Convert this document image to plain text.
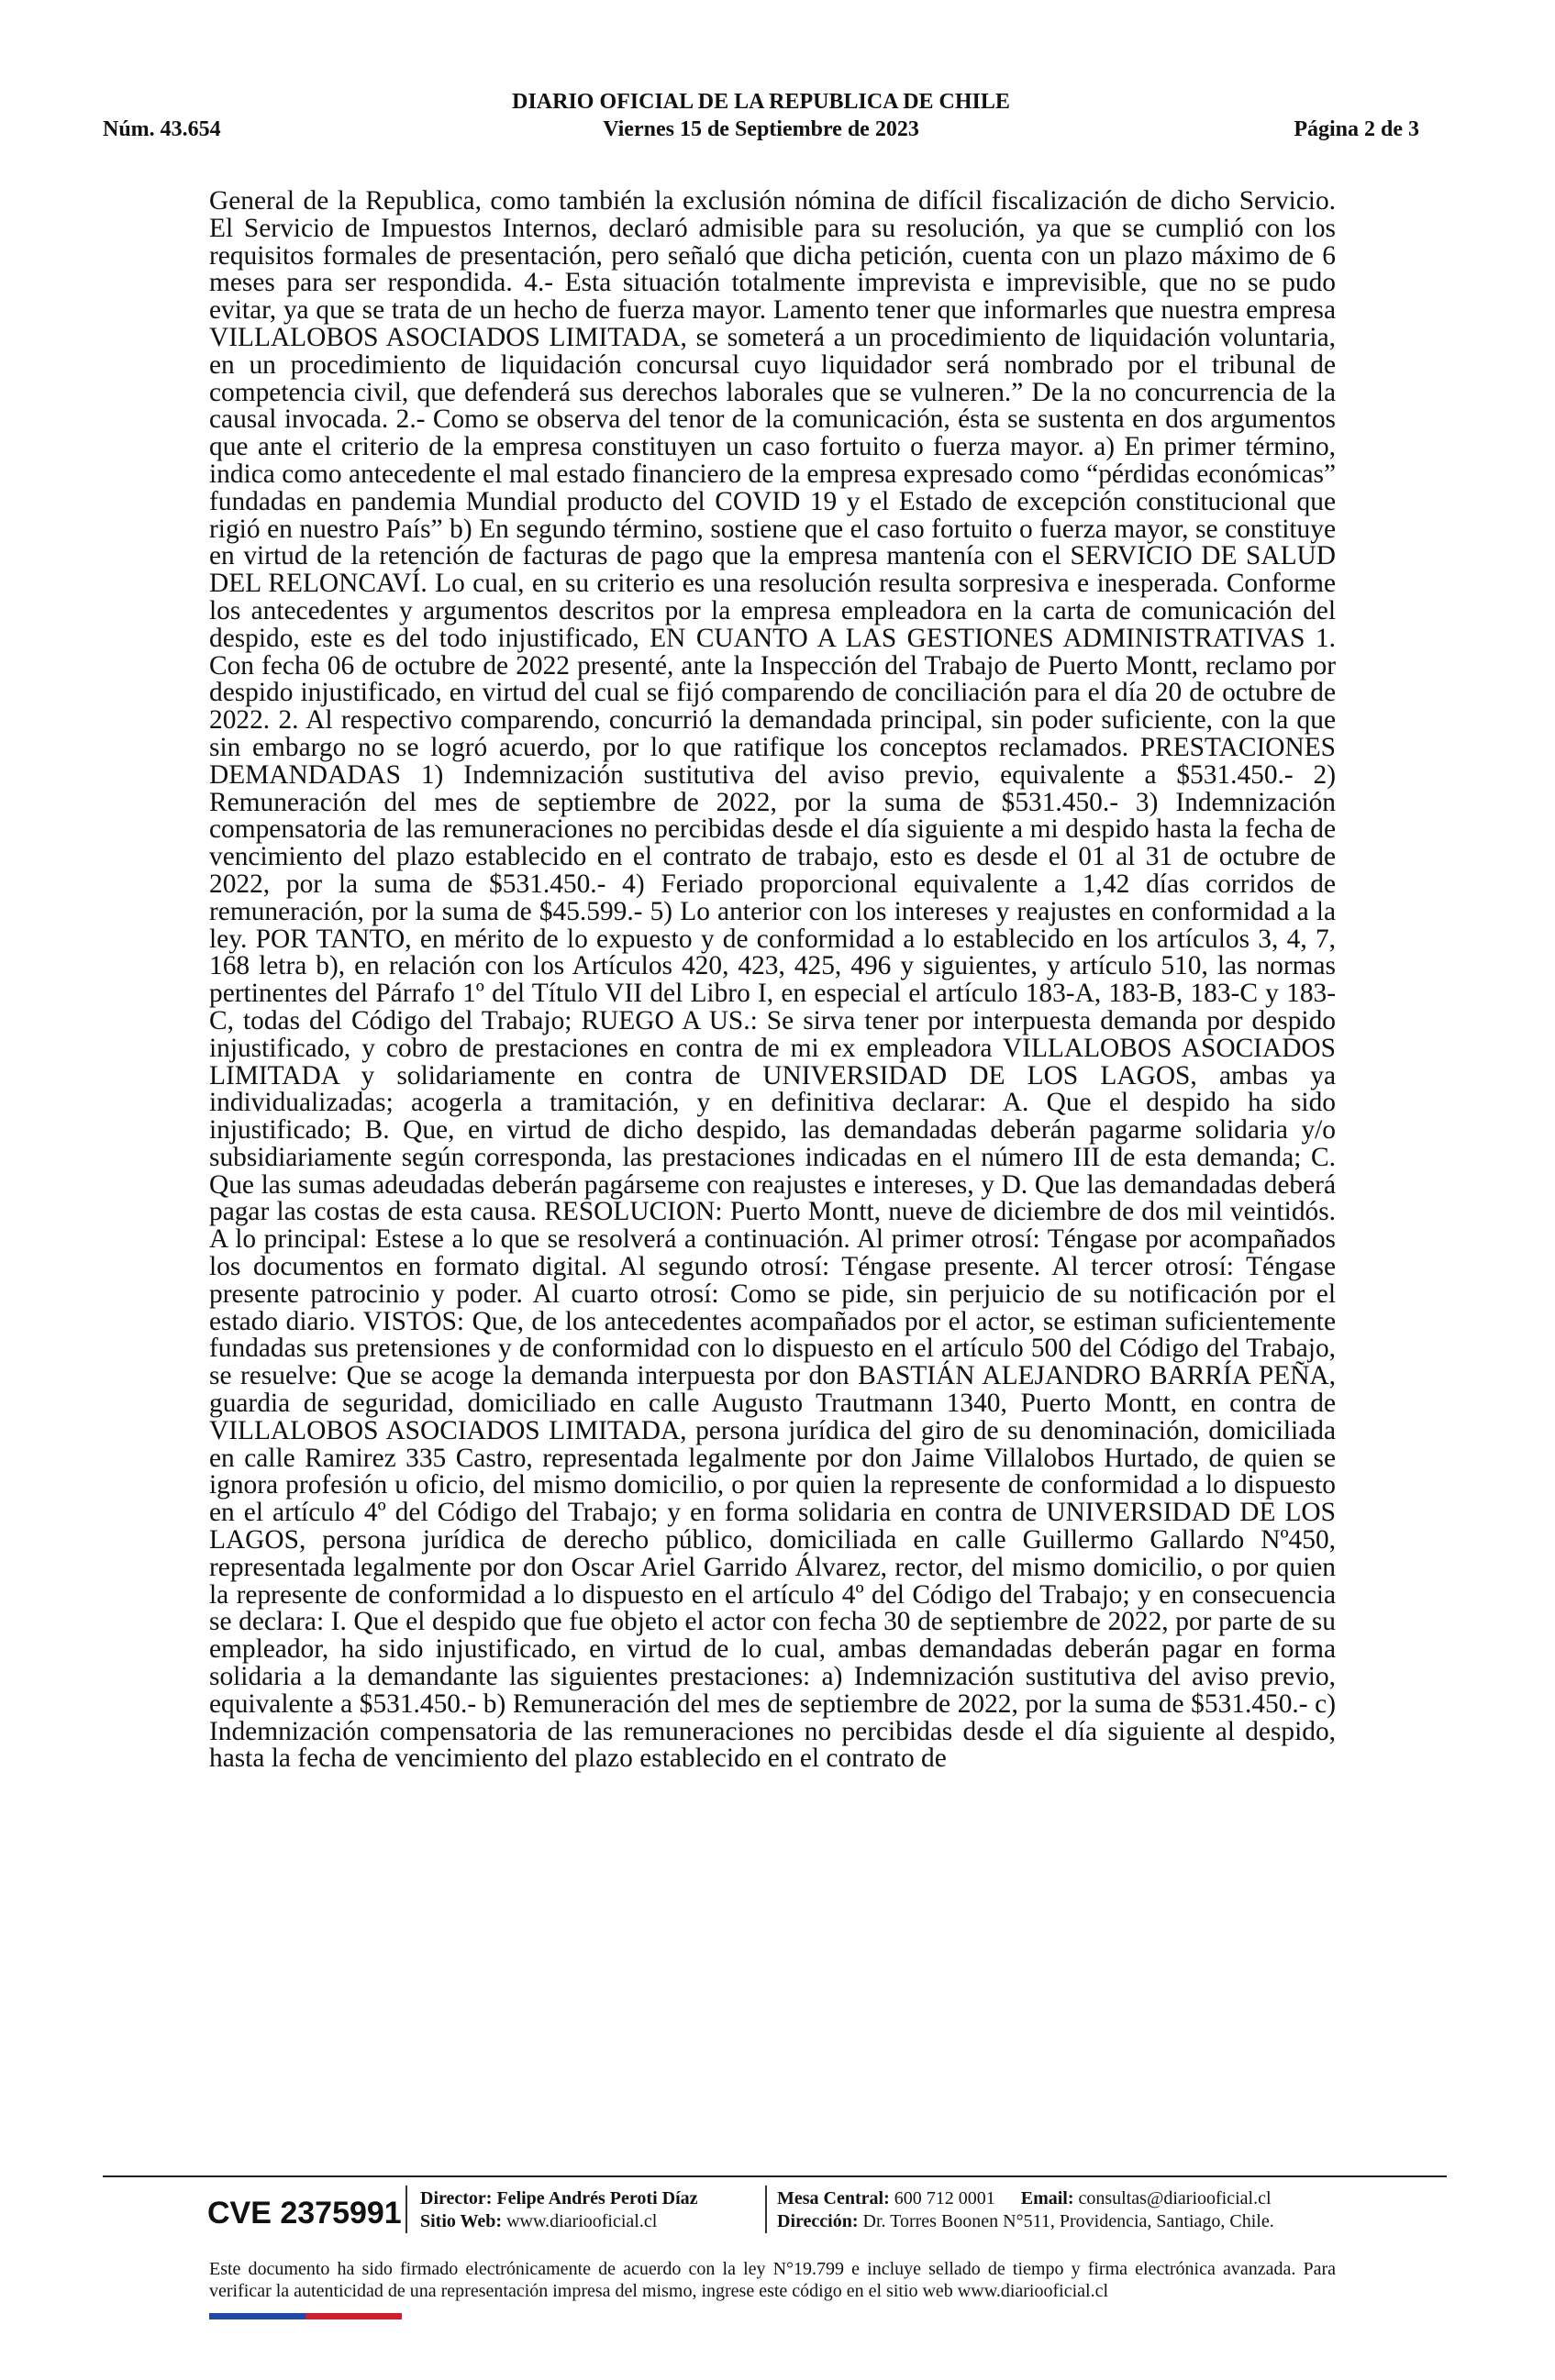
DIARIO OFICIAL DE LA REPUBLICA DE CHILE
Viernes 15 de Septiembre de 2023
Núm. 43.654	Página 2 de 3
General de la Republica, como también la exclusión nómina de difícil fiscalización de dicho Servicio. El Servicio de Impuestos Internos, declaró admisible para su resolución, ya que se cumplió con los requisitos formales de presentación, pero señaló que dicha petición, cuenta con un plazo máximo de 6 meses para ser respondida. 4.- Esta situación totalmente imprevista e imprevisible, que no se pudo evitar, ya que se trata de un hecho de fuerza mayor. Lamento tener que informarles que nuestra empresa VILLALOBOS ASOCIADOS LIMITADA, se someterá a un procedimiento de liquidación voluntaria, en un procedimiento de liquidación concursal cuyo liquidador será nombrado por el tribunal de competencia civil, que defenderá sus derechos laborales que se vulneren.” De la no concurrencia de la causal invocada. 2.- Como se observa del tenor de la comunicación, ésta se sustenta en dos argumentos que ante el criterio de la empresa constituyen un caso fortuito o fuerza mayor. a) En primer término, indica como antecedente el mal estado financiero de la empresa expresado como “pérdidas económicas” fundadas en pandemia Mundial producto del COVID 19 y el Estado de excepción constitucional que rigió en nuestro País” b) En segundo término, sostiene que el caso fortuito o fuerza mayor, se constituye en virtud de la retención de facturas de pago que la empresa mantenía con el SERVICIO DE SALUD DEL RELONCAVÍ. Lo cual, en su criterio es una resolución resulta sorpresiva e inesperada. Conforme los antecedentes y argumentos descritos por la empresa empleadora en la carta de comunicación del despido, este es del todo injustificado, EN CUANTO A LAS GESTIONES ADMINISTRATIVAS 1. Con fecha 06 de octubre de 2022 presenté, ante la Inspección del Trabajo de Puerto Montt, reclamo por despido injustificado, en virtud del cual se fijó comparendo de conciliación para el día 20 de octubre de 2022. 2. Al respectivo comparendo, concurrió la demandada principal, sin poder suficiente, con la que sin embargo no se logró acuerdo, por lo que ratifique los conceptos reclamados. PRESTACIONES DEMANDADAS 1) Indemnización sustitutiva del aviso previo, equivalente a $531.450.- 2) Remuneración del mes de septiembre de 2022, por la suma de $531.450.- 3) Indemnización compensatoria de las remuneraciones no percibidas desde el día siguiente a mi despido hasta la fecha de vencimiento del plazo establecido en el contrato de trabajo, esto es desde el 01 al 31 de octubre de 2022, por la suma de $531.450.- 4) Feriado proporcional equivalente a 1,42 días corridos de remuneración, por la suma de $45.599.- 5) Lo anterior con los intereses y reajustes en conformidad a la ley. POR TANTO, en mérito de lo expuesto y de conformidad a lo establecido en los artículos 3, 4, 7, 168 letra b), en relación con los Artículos 420, 423, 425, 496 y siguientes, y artículo 510, las normas pertinentes del Párrafo 1º del Título VII del Libro I, en especial el artículo 183-A, 183-B, 183-C y 183-C, todas del Código del Trabajo; RUEGO A US.: Se sirva tener por interpuesta demanda por despido injustificado, y cobro de prestaciones en contra de mi ex empleadora VILLALOBOS ASOCIADOS LIMITADA y solidariamente en contra de UNIVERSIDAD DE LOS LAGOS, ambas ya individualizadas; acogerla a tramitación, y en definitiva declarar: A. Que el despido ha sido injustificado; B. Que, en virtud de dicho despido, las demandadas deberán pagarme solidaria y/o subsidiariamente según corresponda, las prestaciones indicadas en el número III de esta demanda; C. Que las sumas adeudadas deberán pagárseme con reajustes e intereses, y D. Que las demandadas deberá pagar las costas de esta causa. RESOLUCION: Puerto Montt, nueve de diciembre de dos mil veintidós. A lo principal: Estese a lo que se resolverá a continuación. Al primer otrosí: Téngase por acompañados los documentos en formato digital. Al segundo otrosí: Téngase presente. Al tercer otrosí: Téngase presente patrocinio y poder. Al cuarto otrosí: Como se pide, sin perjuicio de su notificación por el estado diario. VISTOS: Que, de los antecedentes acompañados por el actor, se estiman suficientemente fundadas sus pretensiones y de conformidad con lo dispuesto en el artículo 500 del Código del Trabajo, se resuelve: Que se acoge la demanda interpuesta por don BASTIÁN ALEJANDRO BARRÍA PEÑA, guardia de seguridad, domiciliado en calle Augusto Trautmann 1340, Puerto Montt, en contra de VILLALOBOS ASOCIADOS LIMITADA, persona jurídica del giro de su denominación, domiciliada en calle Ramirez 335 Castro, representada legalmente por don Jaime Villalobos Hurtado, de quien se ignora profesión u oficio, del mismo domicilio, o por quien la represente de conformidad a lo dispuesto en el artículo 4º del Código del Trabajo; y en forma solidaria en contra de UNIVERSIDAD DE LOS LAGOS, persona jurídica de derecho público, domiciliada en calle Guillermo Gallardo Nº450, representada legalmente por don Oscar Ariel Garrido Álvarez, rector, del mismo domicilio, o por quien la represente de conformidad a lo dispuesto en el artículo 4º del Código del Trabajo; y en consecuencia se declara: I. Que el despido que fue objeto el actor con fecha 30 de septiembre de 2022, por parte de su empleador, ha sido injustificado, en virtud de lo cual, ambas demandadas deberán pagar en forma solidaria a la demandante las siguientes prestaciones: a) Indemnización sustitutiva del aviso previo, equivalente a $531.450.- b) Remuneración del mes de septiembre de 2022, por la suma de $531.450.- c) Indemnización compensatoria de las remuneraciones no percibidas desde el día siguiente al despido, hasta la fecha de vencimiento del plazo establecido en el contrato de
CVE 2375991 Director: Felipe Andrés Peroti Díaz
Sitio Web: www.diariooficial.cl
Mesa Central: 600 712 0001 Email: consultas@diariooficial.cl
Dirección: Dr. Torres Boonen N°511, Providencia, Santiago, Chile.
Este documento ha sido firmado electrónicamente de acuerdo con la ley N°19.799 e incluye sellado de tiempo y firma electrónica avanzada. Para verificar la autenticidad de una representación impresa del mismo, ingrese este código en el sitio web www.diariooficial.cl
